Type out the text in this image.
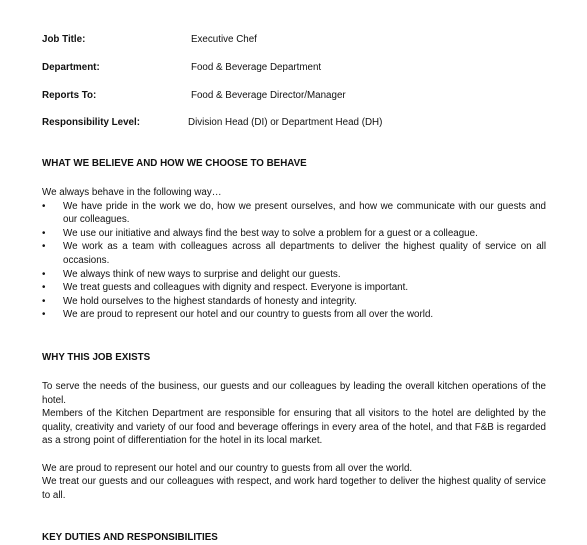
Job Title:	Executive Chef
Department:	Food & Beverage Department
Reports To:	Food & Beverage Director/Manager
Responsibility Level:	Division Head (DI) or Department Head (DH)
WHAT WE BELIEVE AND HOW WE CHOOSE TO BEHAVE

We always behave in the following way…

•	We have pride in the work we do, how we present ourselves, and how we communicate with our guests and our colleagues.
•	We use our initiative and always find the best way to solve a problem for a guest or a colleague.
•	We work as a team with colleagues across all departments to deliver the highest quality of service on all occasions.
•	We always think of new ways to surprise and delight our guests.
•	We treat guests and colleagues with dignity and respect. Everyone is important.
•	We hold ourselves to the highest standards of honesty and integrity.
•	We are proud to represent our hotel and our country to guests from all over the world.
WHY THIS JOB EXISTS

To serve the needs of the business, our guests and our colleagues by leading the overall kitchen operations of the hotel.

Members of the Kitchen Department are responsible for ensuring that all visitors to the hotel are delighted by the quality, creativity and variety of our food and beverage offerings in every area of the hotel, and that F&B is regarded as a strong point of differentiation for the hotel in its local market.

We are proud to represent our hotel and our country to guests from all over the world.

We treat our guests and our colleagues with respect, and work hard together to deliver the highest quality of service to all.

KEY DUTIES AND RESPONSIBILITIES
